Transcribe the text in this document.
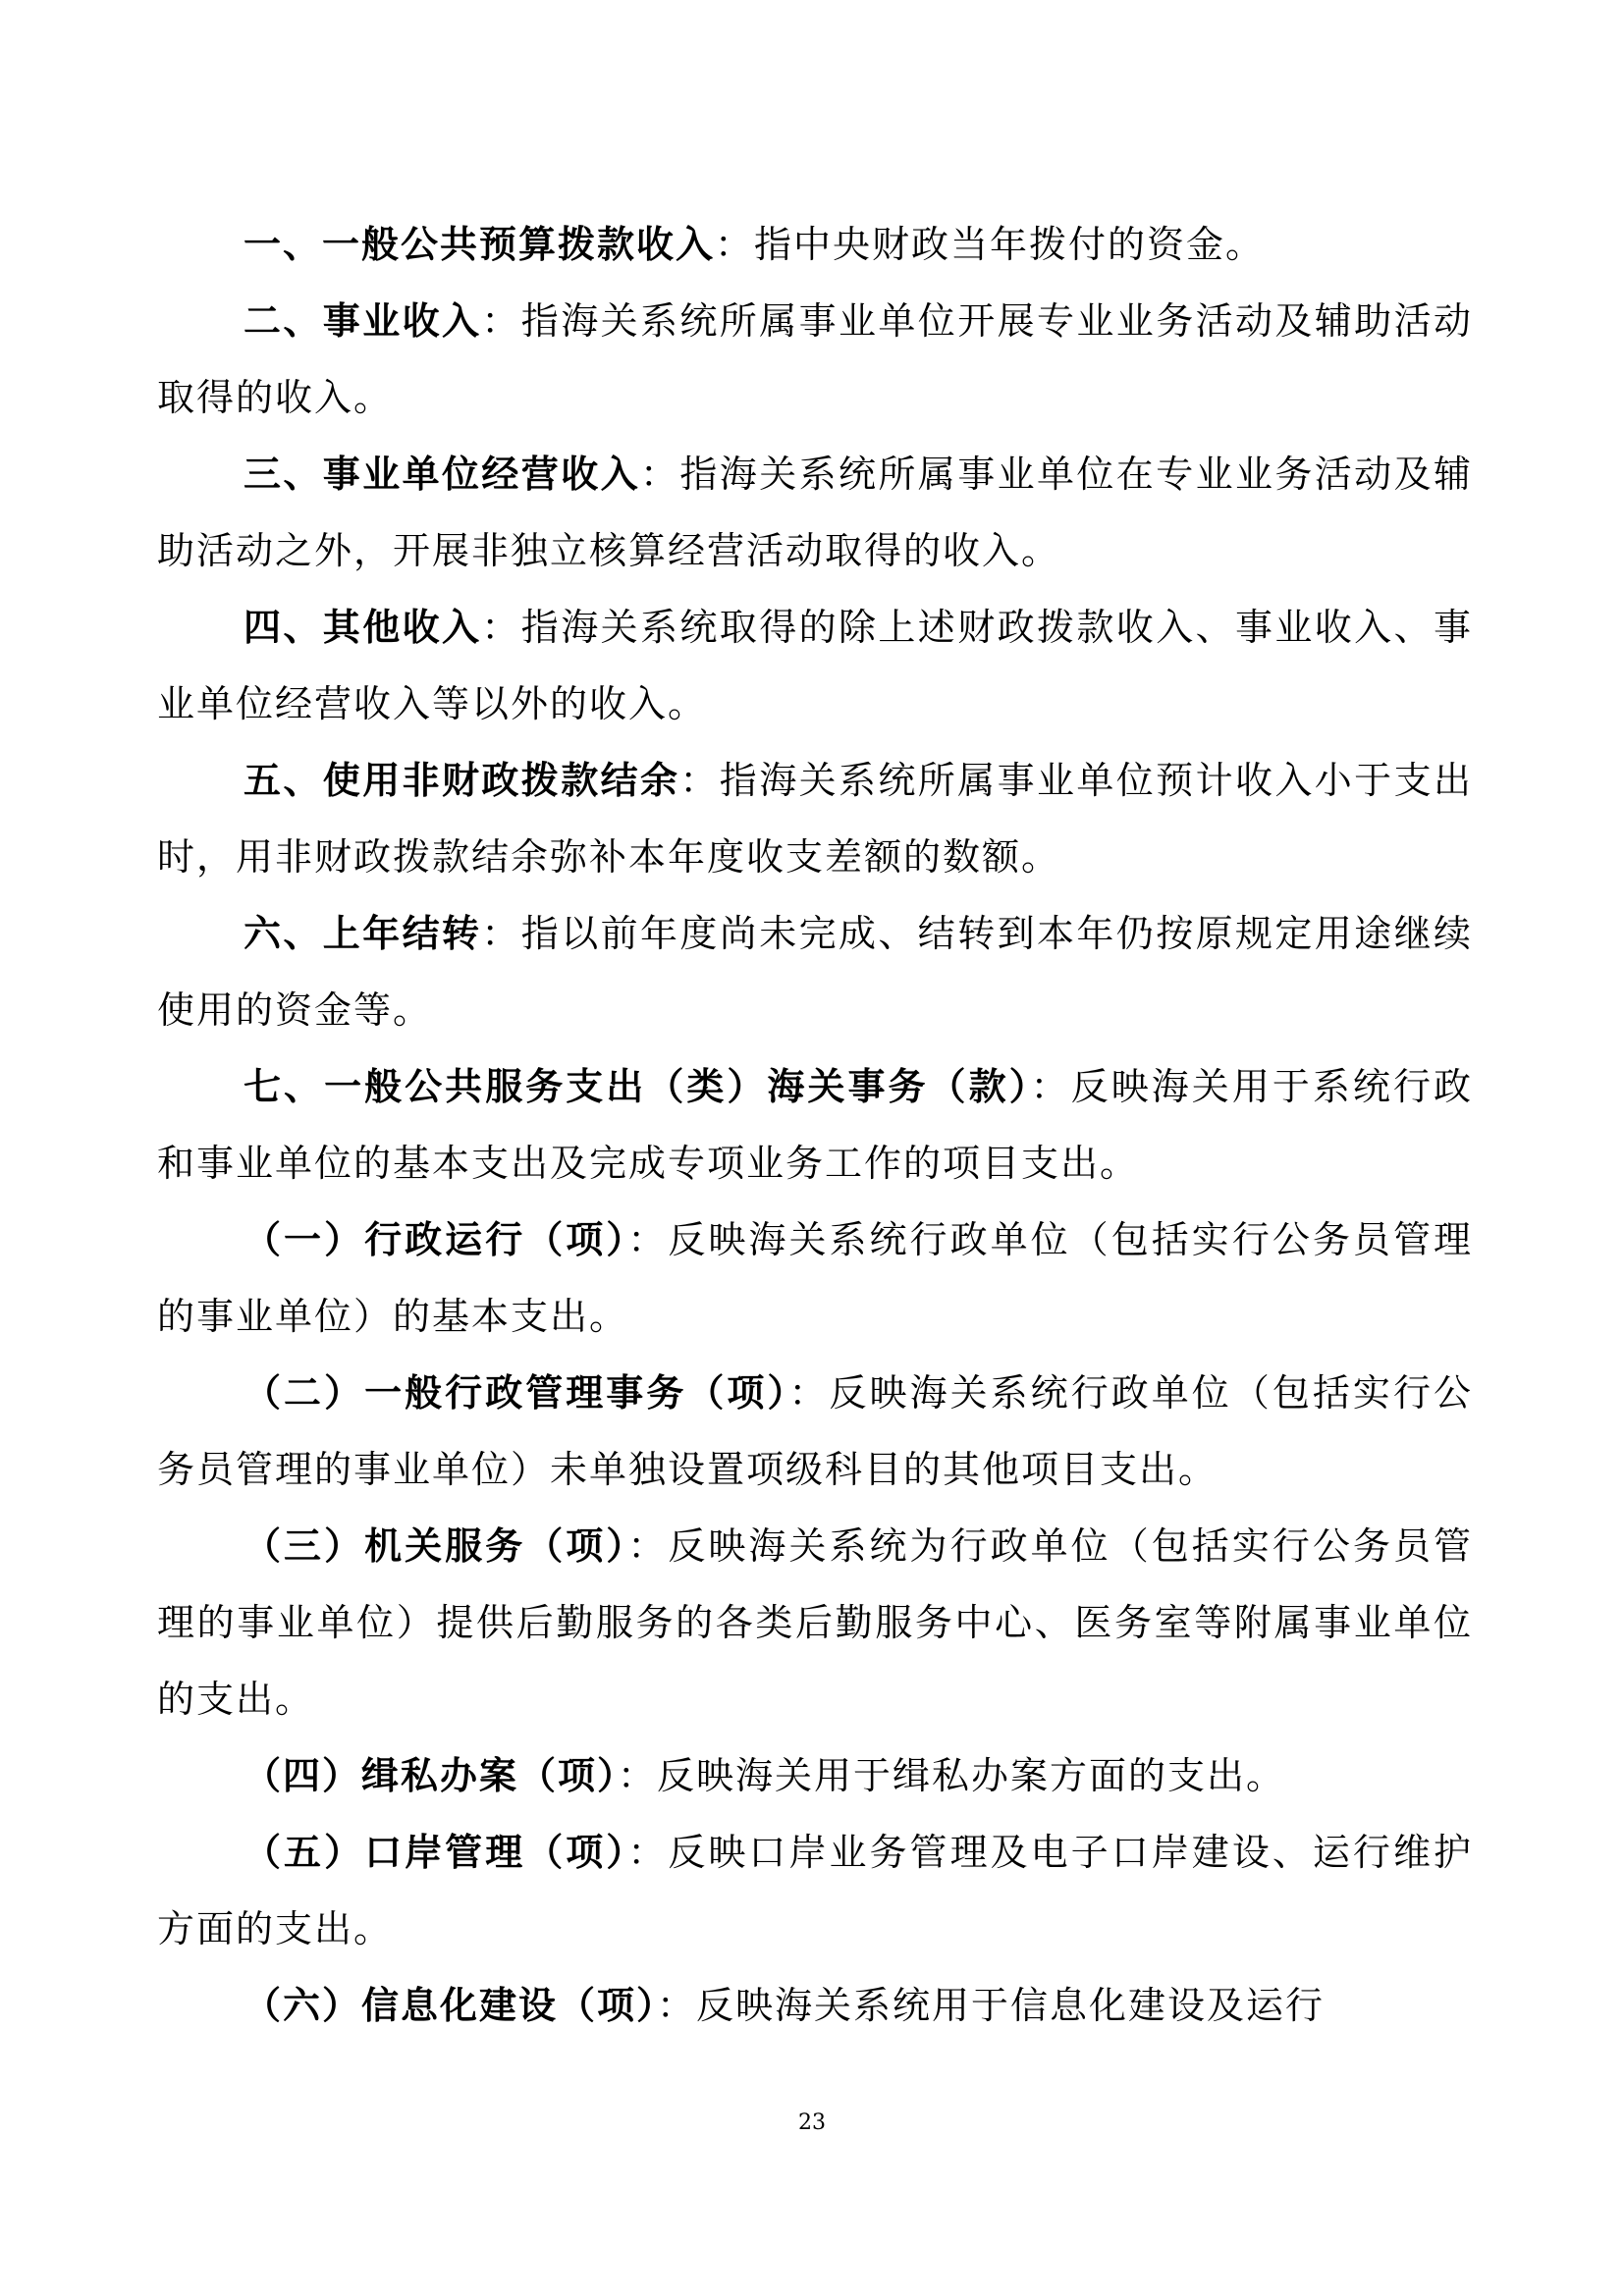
一、一般公共预算拨款收入：指中央财政当年拨付的资金。

二、事业收入：指海关系统所属事业单位开展专业业务活动及辅助活动取得的收入。

三、事业单位经营收入：指海关系统所属事业单位在专业业务活动及辅助活动之外，开展非独立核算经营活动取得的收入。

四、其他收入：指海关系统取得的除上述财政拨款收入、事业收入、事业单位经营收入等以外的收入。

五、使用非财政拨款结余：指海关系统所属事业单位预计收入小于支出时，用非财政拨款结余弥补本年度收支差额的数额。

六、上年结转：指以前年度尚未完成、结转到本年仍按原规定用途继续使用的资金等。

七、一般公共服务支出（类）海关事务（款）：反映海关用于系统行政和事业单位的基本支出及完成专项业务工作的项目支出。

（一）行政运行（项）：反映海关系统行政单位（包括实行公务员管理的事业单位）的基本支出。

（二）一般行政管理事务（项）：反映海关系统行政单位（包括实行公务员管理的事业单位）未单独设置项级科目的其他项目支出。

（三）机关服务（项）：反映海关系统为行政单位（包括实行公务员管理的事业单位）提供后勤服务的各类后勤服务中心、医务室等附属事业单位的支出。

（四）缉私办案（项）：反映海关用于缉私办案方面的支出。

（五）口岸管理（项）：反映口岸业务管理及电子口岸建设、运行维护方面的支出。

（六）信息化建设（项）：反映海关系统用于信息化建设及运行

23
